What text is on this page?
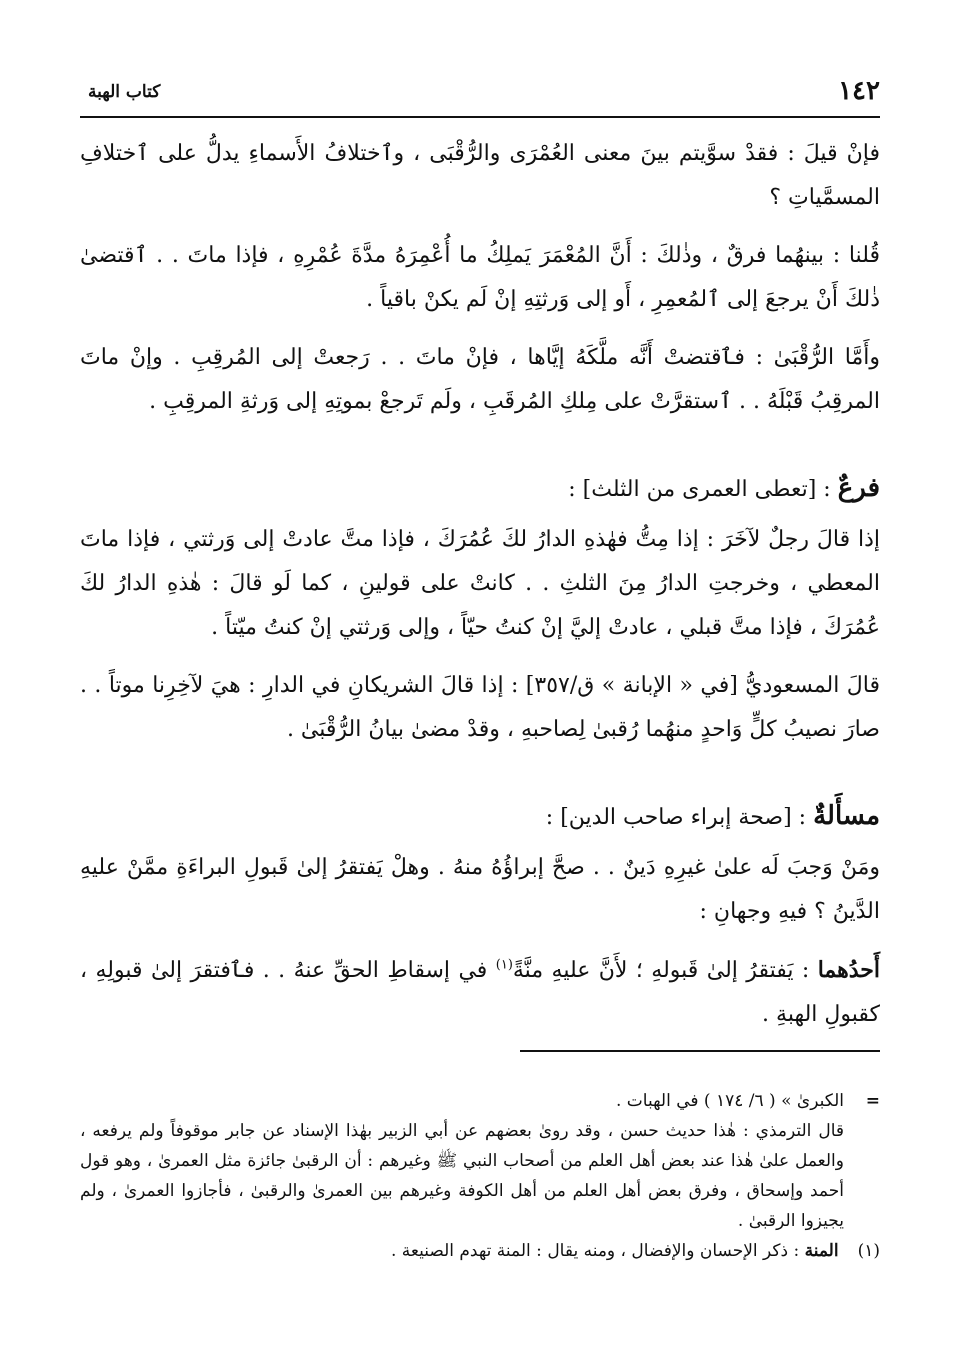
١٤٢
كتاب الهبة

فإنْ قيلَ : فقدْ سوَّيتم بينَ معنى العُمْرَى والرُّقْبَى ، وٱختلافُ الأَسماءِ يدلُّ على ٱختلافِ المسمَّياتِ ؟

قُلنا : بينهُما فرقٌ ، وذٰلكَ : أَنَّ المُعْمَرَ يَملِكُ ما أُعْمِرَهُ مدَّةَ عُمْرِهِ ، فإذا ماتَ . . ٱقتضىٰ ذٰلكَ أَنْ يرجعَ إلى ٱلمُعمِرِ ، أَو إلى وَرثتِهِ إنْ لَم يكنْ باقياً .

وأَمَّا الرُّقْبَىٰ : فٱقتضتْ أَنَّه ملَّكَهُ إيَّاها ، فإنْ ماتَ . . رَجعتْ إلى المُرقِبِ . وإنْ ماتَ المرقِبُ قَبْلَهُ . . ٱستقرَّتْ على مِلكِ المُرقَبِ ، ولَم تَرجعْ بموتِهِ إلى وَرثةِ المرقِبِ .

فرعٌ : [تعطى العمرى من الثلث] :

إذا قالَ رجلٌ لآخَرَ : إذا مِتُّ فهٰذهِ الدارُ لكَ عُمُرَكَ ، فإذا متَّ عادتْ إلى وَرثتي ، فإذا ماتَ المعطي ، وخرجتِ الدارُ مِنَ الثلثِ . . كانتْ على قولينِ ، كما لَو قالَ : هٰذهِ الدارُ لكَ عُمُرَكَ ، فإذا متَّ قبلي ، عادتْ إليَّ إنْ كنتُ حيّاً ، وإلى وَرثتي إنْ كنتُ ميّتاً .

قالَ المسعوديُّ [في « الإبانة » ق/٣٥٧] : إذا قالَ الشريكانِ في الدارِ : هيَ لآخِرِنا موتاً . . صارَ نصيبُ كلٍّ وَاحدٍ منهُما رُقبىٰ لِصاحبهِ ، وقدْ مضىٰ بيانُ الرُّقْبَىٰ .

مسأَلةٌ : [صحة إبراء صاحب الدين] :

ومَنْ وَجبَ لَه علىٰ غيرِهِ دَينٌ . . صحَّ إبراؤُهُ منهُ . وهلْ يَفتقرُ إلىٰ قَبولِ البراءَةِ ممَّنْ عليهِ الدَّينُ ؟ فيهِ وجهانِ :

أَحدُهما : يَفتقرُ إلىٰ قَبولهِ ؛ لأَنَّ عليهِ منَّةً$^{(١)}$ في إسقاطِ الحقِّ عنهُ . . فٱفتقرَ إلىٰ قبولِهِ ، كقبولِ الهبةِ .

=الكبرىٰ » ( ٦/ ١٧٤ ) في الهبات .

قال الترمذي : هٰذا حديث حسن ، وقد رویٰ بعضهم عن أبي الزبير بهٰذا الإسناد عن جابر موقوفاً ولم يرفعه ، والعمل علىٰ هٰذا عند بعض أهل العلم من أصحاب النبي ﷺ وغيرهم : أن الرقبىٰ جائزة مثل العمرىٰ ، وهو قول أحمد وإسحاق ، وفرق بعض أهل العلم من أهل الكوفة وغيرهم بين العمرىٰ والرقبىٰ ، فأجازوا العمرىٰ ، ولم يجيزوا الرقبىٰ .

(١) المنة : ذكر الإحسان والإفضال ، ومنه يقال : المنة تهدم الصنيعة .
